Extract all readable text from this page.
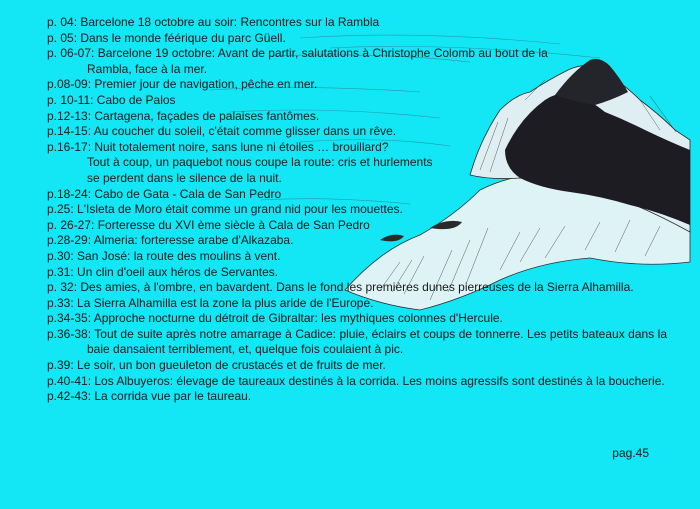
p. 04: Barcelone 18 octobre au soir: Rencontres sur la Rambla
p. 05: Dans le monde féérique du parc Güell.
p. 06-07: Barcelone 19 octobre: Avant de partir, salutations à Christophe Colomb au bout de la
Rambla, face à la mer.
p.08-09: Premier jour de navigation, pêche en mer.
p. 10-11: Cabo de Palos
p.12-13: Cartagena, façades de palaises fantômes.
p.14-15: Au coucher du soleil, c'était comme glisser dans un rêve.
p.16-17: Nuit totalement noire, sans lune ni étoiles … brouillard?
Tout à coup, un paquebot nous coupe la route: cris et hurlements
se perdent dans le silence de la nuit.
p.18-24: Cabo de Gata - Cala de San Pedro
p.25: L'Isleta de Moro était comme un grand nid pour les mouettes.
p. 26-27: Forteresse du XVI ème siècle à Cala de San Pedro
p.28-29: Almeria: forteresse arabe d'Alkazaba.
p.30: San José: la route des moulins à vent.
p.31: Un clin d'oeil aux héros de Servantes.
p. 32: Des amies, à l'ombre, en bavardent. Dans le fond les premières dunes pierreuses de la Sierra Alhamilla.
p.33: La Sierra Alhamilla est la zone la plus aride de l'Europe.
p.34-35: Approche nocturne du détroit de Gibraltar: les mythiques colonnes d'Hercule.
p.36-38: Tout de suite après notre amarrage à Cadice: pluie, éclairs et coups de tonnerre. Les petits bateaux dans la baie dansaient terriblement, et, quelque fois coulaient à pic.
p.39: Le soir, un bon gueuleton de crustacés et de fruits de mer.
p.40-41: Los Albuyeros: élevage de taureaux destinés à la corrida. Les moins agressifs sont destinés à la boucherie.
p.42-43: La corrida vue par le taureau.
pag.45
